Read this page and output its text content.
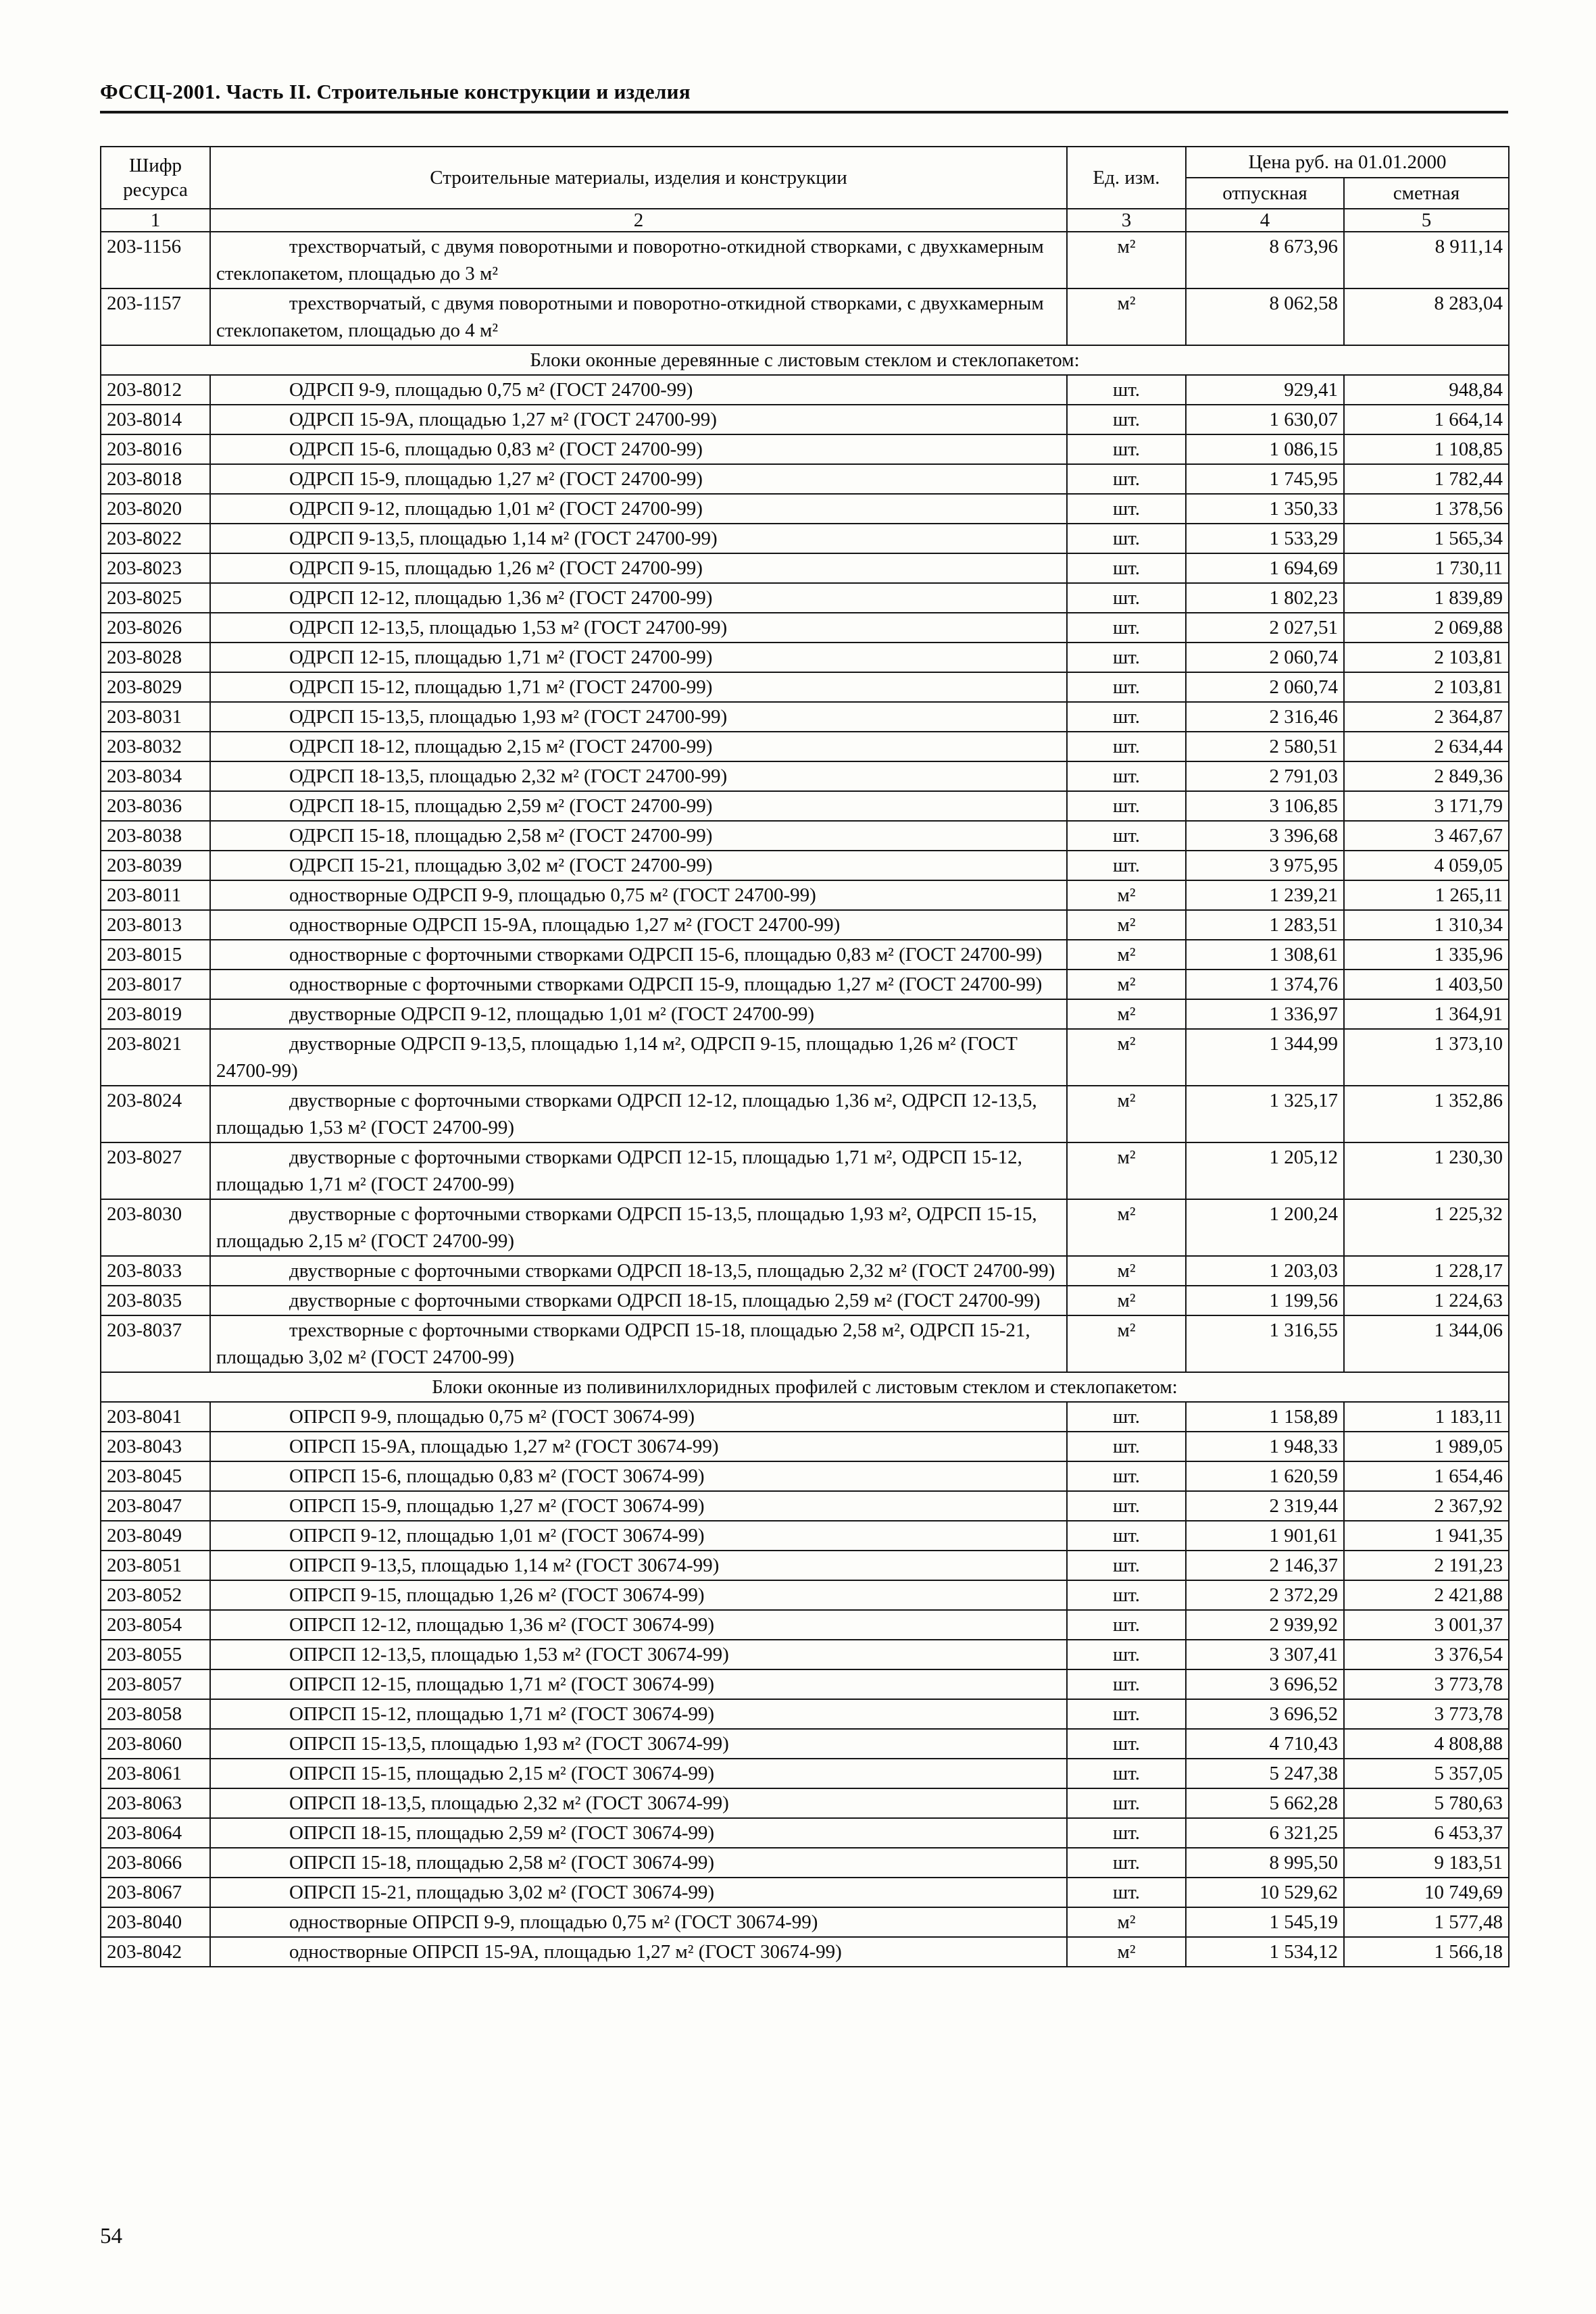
ФССЦ-2001. Часть II. Строительные конструкции и изделия
Шифр ресурса	Строительные материалы, изделия и конструкции	Ед. изм.	Цена руб. на 01.01.2000	
			отпускная	сметная
1	2	3	4	5
203-1156	трехстворчатый, с двумя поворотными и поворотно-откидной створками, с двухкамерным стеклопакетом, площадью до 3 м²	м²	8 673,96	8 911,14
203-1157	трехстворчатый, с двумя поворотными и поворотно-откидной створками, с двухкамерным стеклопакетом, площадью до 4 м²	м²	8 062,58	8 283,04
Блоки оконные деревянные с листовым стеклом и стеклопакетом:				
203-8012	ОДРСП 9-9, площадью 0,75 м² (ГОСТ 24700-99)	шт.	929,41	948,84
203-8014	ОДРСП 15-9А, площадью 1,27 м² (ГОСТ 24700-99)	шт.	1 630,07	1 664,14
203-8016	ОДРСП 15-6, площадью 0,83 м² (ГОСТ 24700-99)	шт.	1 086,15	1 108,85
203-8018	ОДРСП 15-9, площадью 1,27 м² (ГОСТ 24700-99)	шт.	1 745,95	1 782,44
203-8020	ОДРСП 9-12, площадью 1,01 м² (ГОСТ 24700-99)	шт.	1 350,33	1 378,56
203-8022	ОДРСП 9-13,5, площадью 1,14 м² (ГОСТ 24700-99)	шт.	1 533,29	1 565,34
203-8023	ОДРСП 9-15, площадью 1,26 м² (ГОСТ 24700-99)	шт.	1 694,69	1 730,11
203-8025	ОДРСП 12-12, площадью 1,36 м² (ГОСТ 24700-99)	шт.	1 802,23	1 839,89
203-8026	ОДРСП 12-13,5, площадью 1,53 м² (ГОСТ 24700-99)	шт.	2 027,51	2 069,88
203-8028	ОДРСП 12-15, площадью 1,71 м² (ГОСТ 24700-99)	шт.	2 060,74	2 103,81
203-8029	ОДРСП 15-12, площадью 1,71 м² (ГОСТ 24700-99)	шт.	2 060,74	2 103,81
203-8031	ОДРСП 15-13,5, площадью 1,93 м² (ГОСТ 24700-99)	шт.	2 316,46	2 364,87
203-8032	ОДРСП 18-12, площадью 2,15 м² (ГОСТ 24700-99)	шт.	2 580,51	2 634,44
203-8034	ОДРСП 18-13,5, площадью 2,32 м² (ГОСТ 24700-99)	шт.	2 791,03	2 849,36
203-8036	ОДРСП 18-15, площадью 2,59 м² (ГОСТ 24700-99)	шт.	3 106,85	3 171,79
203-8038	ОДРСП 15-18, площадью 2,58 м² (ГОСТ 24700-99)	шт.	3 396,68	3 467,67
203-8039	ОДРСП 15-21, площадью 3,02 м² (ГОСТ 24700-99)	шт.	3 975,95	4 059,05
203-8011	одностворные ОДРСП 9-9, площадью 0,75 м² (ГОСТ 24700-99)	м²	1 239,21	1 265,11
203-8013	одностворные ОДРСП 15-9А, площадью 1,27 м² (ГОСТ 24700-99)	м²	1 283,51	1 310,34
203-8015	одностворные с форточными створками ОДРСП 15-6, площадью 0,83 м² (ГОСТ 24700-99)	м²	1 308,61	1 335,96
203-8017	одностворные с форточными створками ОДРСП 15-9, площадью 1,27 м² (ГОСТ 24700-99)	м²	1 374,76	1 403,50
203-8019	двустворные ОДРСП 9-12, площадью 1,01 м² (ГОСТ 24700-99)	м²	1 336,97	1 364,91
203-8021	двустворные ОДРСП 9-13,5, площадью 1,14 м², ОДРСП 9-15, площадью 1,26 м² (ГОСТ 24700-99)	м²	1 344,99	1 373,10
203-8024	двустворные с форточными створками ОДРСП 12-12, площадью 1,36 м², ОДРСП 12-13,5, площадью 1,53 м² (ГОСТ 24700-99)	м²	1 325,17	1 352,86
203-8027	двустворные с форточными створками ОДРСП 12-15, площадью 1,71 м², ОДРСП 15-12, площадью 1,71 м² (ГОСТ 24700-99)	м²	1 205,12	1 230,30
203-8030	двустворные с форточными створками ОДРСП 15-13,5, площадью 1,93 м², ОДРСП 15-15, площадью 2,15 м² (ГОСТ 24700-99)	м²	1 200,24	1 225,32
203-8033	двустворные с форточными створками ОДРСП 18-13,5, площадью 2,32 м² (ГОСТ 24700-99)	м²	1 203,03	1 228,17
203-8035	двустворные с форточными створками ОДРСП 18-15, площадью 2,59 м² (ГОСТ 24700-99)	м²	1 199,56	1 224,63
203-8037	трехстворные с форточными створками ОДРСП 15-18, площадью 2,58 м², ОДРСП 15-21, площадью 3,02 м² (ГОСТ 24700-99)	м²	1 316,55	1 344,06
Блоки оконные из поливинилхлоридных профилей с листовым стеклом и стеклопакетом:				
203-8041	ОПРСП 9-9, площадью 0,75 м² (ГОСТ 30674-99)	шт.	1 158,89	1 183,11
203-8043	ОПРСП 15-9А, площадью 1,27 м² (ГОСТ 30674-99)	шт.	1 948,33	1 989,05
203-8045	ОПРСП 15-6, площадью 0,83 м² (ГОСТ 30674-99)	шт.	1 620,59	1 654,46
203-8047	ОПРСП 15-9, площадью 1,27 м² (ГОСТ 30674-99)	шт.	2 319,44	2 367,92
203-8049	ОПРСП 9-12, площадью 1,01 м² (ГОСТ 30674-99)	шт.	1 901,61	1 941,35
203-8051	ОПРСП 9-13,5, площадью 1,14 м² (ГОСТ 30674-99)	шт.	2 146,37	2 191,23
203-8052	ОПРСП 9-15, площадью 1,26 м² (ГОСТ 30674-99)	шт.	2 372,29	2 421,88
203-8054	ОПРСП 12-12, площадью 1,36 м² (ГОСТ 30674-99)	шт.	2 939,92	3 001,37
203-8055	ОПРСП 12-13,5, площадью 1,53 м² (ГОСТ 30674-99)	шт.	3 307,41	3 376,54
203-8057	ОПРСП 12-15, площадью 1,71 м² (ГОСТ 30674-99)	шт.	3 696,52	3 773,78
203-8058	ОПРСП 15-12, площадью 1,71 м² (ГОСТ 30674-99)	шт.	3 696,52	3 773,78
203-8060	ОПРСП 15-13,5, площадью 1,93 м² (ГОСТ 30674-99)	шт.	4 710,43	4 808,88
203-8061	ОПРСП 15-15, площадью 2,15 м² (ГОСТ 30674-99)	шт.	5 247,38	5 357,05
203-8063	ОПРСП 18-13,5, площадью 2,32 м² (ГОСТ 30674-99)	шт.	5 662,28	5 780,63
203-8064	ОПРСП 18-15, площадью 2,59 м² (ГОСТ 30674-99)	шт.	6 321,25	6 453,37
203-8066	ОПРСП 15-18, площадью 2,58 м² (ГОСТ 30674-99)	шт.	8 995,50	9 183,51
203-8067	ОПРСП 15-21, площадью 3,02 м² (ГОСТ 30674-99)	шт.	10 529,62	10 749,69
203-8040	одностворные ОПРСП 9-9, площадью 0,75 м² (ГОСТ 30674-99)	м²	1 545,19	1 577,48
203-8042	одностворные ОПРСП 15-9А, площадью 1,27 м² (ГОСТ 30674-99)	м²	1 534,12	1 566,18
54
